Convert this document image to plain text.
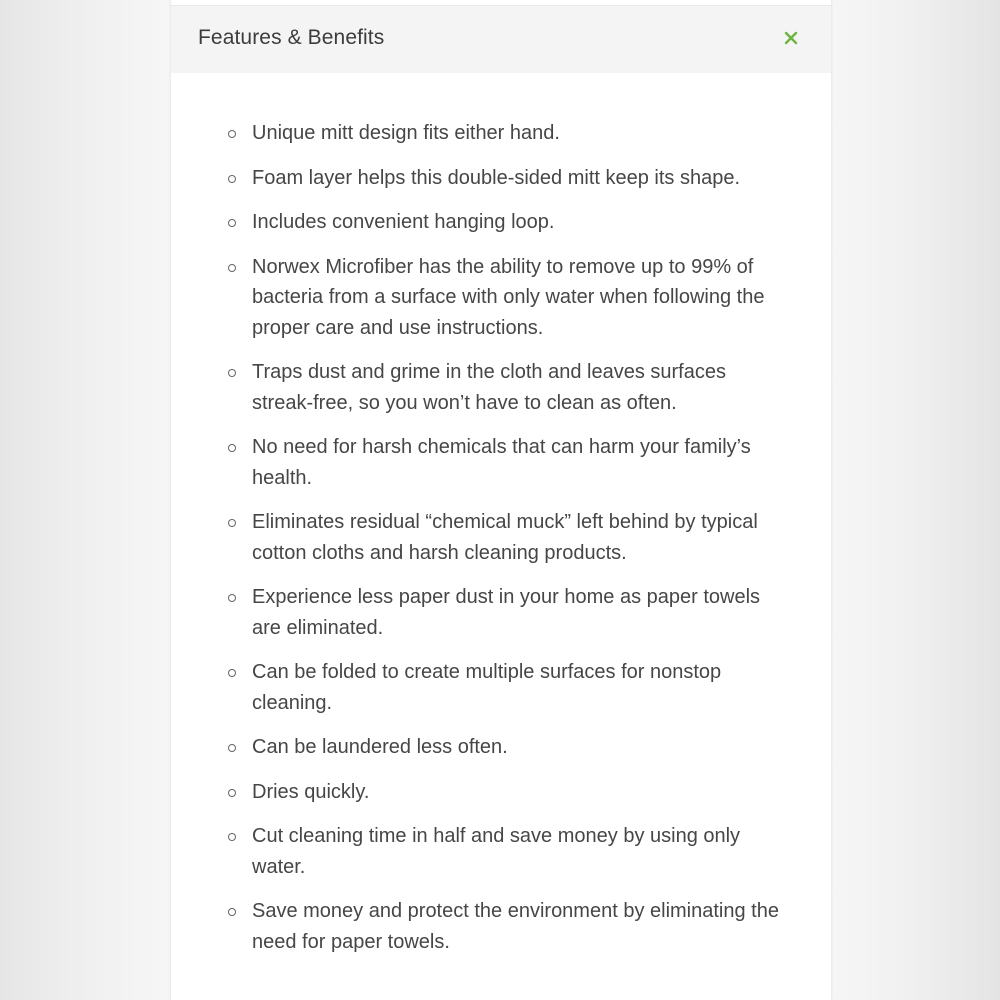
Features & Benefits
Unique mitt design fits either hand.
Foam layer helps this double-sided mitt keep its shape.
Includes convenient hanging loop.
Norwex Microfiber has the ability to remove up to 99% of bacteria from a surface with only water when following the proper care and use instructions.
Traps dust and grime in the cloth and leaves surfaces streak-free, so you won’t have to clean as often.
No need for harsh chemicals that can harm your family’s health.
Eliminates residual “chemical muck” left behind by typical cotton cloths and harsh cleaning products.
Experience less paper dust in your home as paper towels are eliminated.
Can be folded to create multiple surfaces for nonstop cleaning.
Can be laundered less often.
Dries quickly.
Cut cleaning time in half and save money by using only water.
Save money and protect the environment by eliminating the need for paper towels.
